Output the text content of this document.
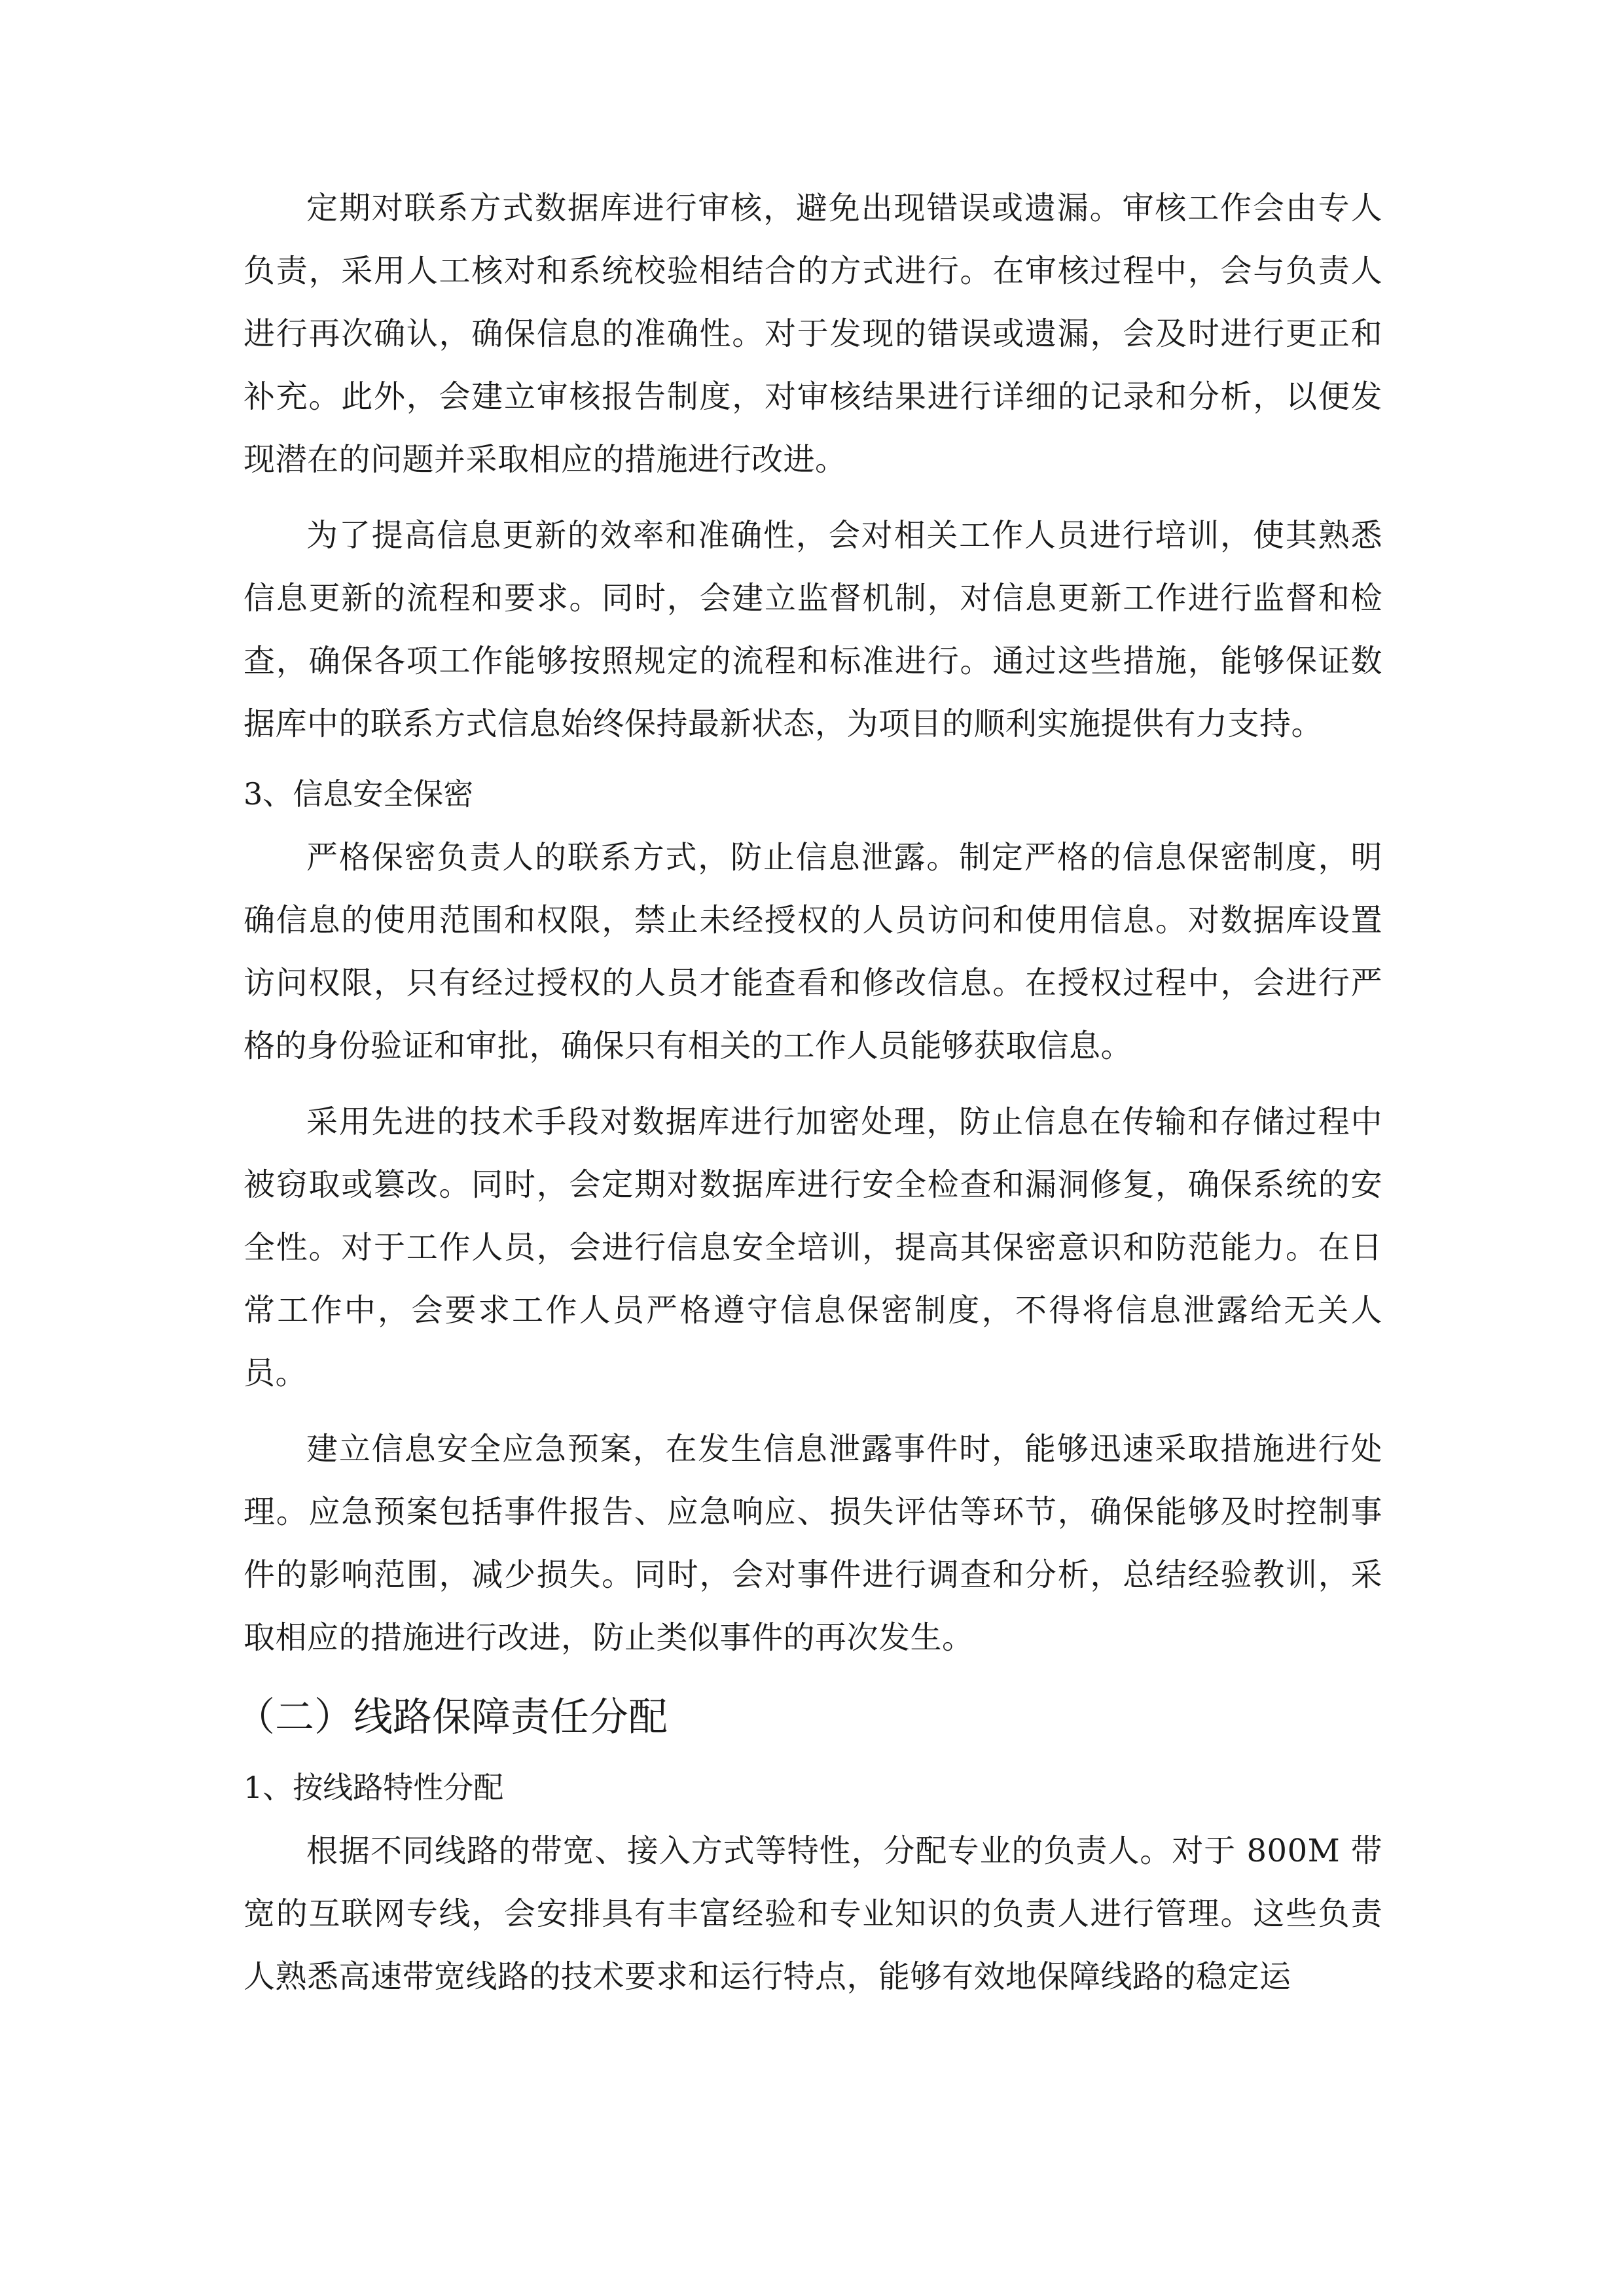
定期对联系方式数据库进行审核，避免出现错误或遗漏。审核工作会由专人负责，采用人工核对和系统校验相结合的方式进行。在审核过程中，会与负责人进行再次确认，确保信息的准确性。对于发现的错误或遗漏，会及时进行更正和补充。此外，会建立审核报告制度，对审核结果进行详细的记录和分析，以便发现潜在的问题并采取相应的措施进行改进。

为了提高信息更新的效率和准确性，会对相关工作人员进行培训，使其熟悉信息更新的流程和要求。同时，会建立监督机制，对信息更新工作进行监督和检查，确保各项工作能够按照规定的流程和标准进行。通过这些措施，能够保证数据库中的联系方式信息始终保持最新状态，为项目的顺利实施提供有力支持。

3、信息安全保密

严格保密负责人的联系方式，防止信息泄露。制定严格的信息保密制度，明确信息的使用范围和权限，禁止未经授权的人员访问和使用信息。对数据库设置访问权限，只有经过授权的人员才能查看和修改信息。在授权过程中，会进行严格的身份验证和审批，确保只有相关的工作人员能够获取信息。

采用先进的技术手段对数据库进行加密处理，防止信息在传输和存储过程中被窃取或篡改。同时，会定期对数据库进行安全检查和漏洞修复，确保系统的安全性。对于工作人员，会进行信息安全培训，提高其保密意识和防范能力。在日常工作中，会要求工作人员严格遵守信息保密制度，不得将信息泄露给无关人员。

建立信息安全应急预案，在发生信息泄露事件时，能够迅速采取措施进行处理。应急预案包括事件报告、应急响应、损失评估等环节，确保能够及时控制事件的影响范围，减少损失。同时，会对事件进行调查和分析，总结经验教训，采取相应的措施进行改进，防止类似事件的再次发生。

（二）线路保障责任分配

1、按线路特性分配

根据不同线路的带宽、接入方式等特性，分配专业的负责人。对于 800M 带宽的互联网专线，会安排具有丰富经验和专业知识的负责人进行管理。这些负责人熟悉高速带宽线路的技术要求和运行特点，能够有效地保障线路的稳定运
